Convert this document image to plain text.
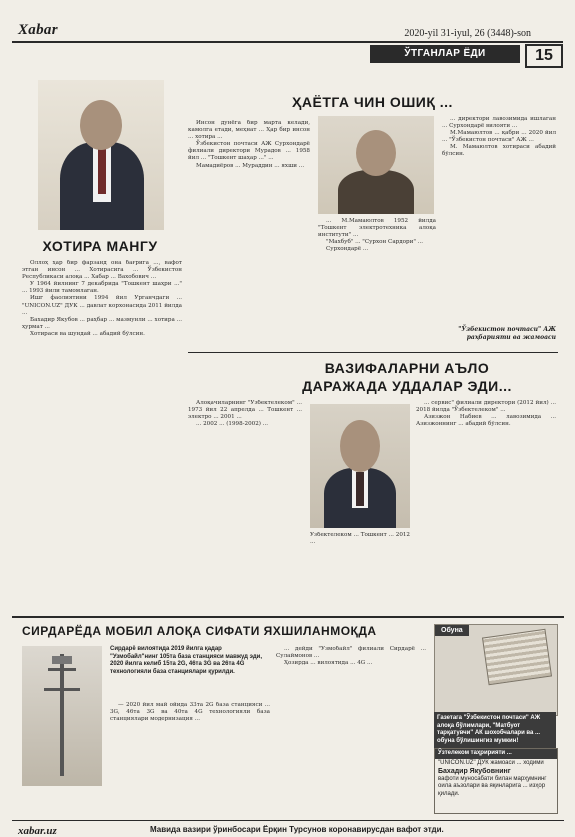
Xabar	2020-yil 31-iyul, 26 (3448)-son
ЎТГАНЛАР ЁДИ	15
ХОТИРА МАНГУ

Оллоҳ ҳар бир фарзанд она бағрига ..., вафот этган инсон ... Хотирасига ... Ўзбекистон Республикаси алоқа ... Хабар ... Вахобович ...

У 1964 йилнинг 7 декабрида "Тошкент шаҳри ..." ... 1993 йили тамомлаган.

Ишг фаолиятини 1994 йил Урганчдаги ... "UNICON.UZ" ДУК ... давлат корхонасида 2011 йилда ...

Бахадир Якубов ... раҳбар ... мазмунли ... хотира ... ҳурмат ...

Хотираси ва шундай ... абадий бўлсин.

Инсон дунёга бир марта келади, камолга етади, меҳнат ... Ҳар бир инсон ... хотира ...

Ўзбекистон почтаси АЖ Сурхондарё филиали директори Мурадов ... 1958 йил ... "Тошкент шаҳар ..." ...

Мамадиёров ... Мураддин ... яхши ...

ҲАЁТГА ЧИН ОШИҚ ...

... М.Мамаюлтов 1952 йилда "Тошкент электротехника алоқа институти" ...

"Махбуб" ... "Сурхон Сардори" ...

Сурхондарё ...

... директори лавозимида ишлаган ... Сурхондарё вилояти ...

М.Мамаюлтов ... қабри ... 2020 йил ... "Ўзбекистон почтаси" АЖ ...

М. Мамаюлтов хотираси абадий бўлсин.

"Ўзбекистон почтаси" АЖ раҳбарияти ва жамоаси
ВАЗИФАЛАРНИ АЪЛО
ДАРАЖАДА УДДАЛАР ЭДИ...

Алоқачиларнинг "Ўзбектелеком" ... 1973 йил 22 апрелда ... Тошкент ... электро ... 2001 ...

... 2002 ... (1998-2002) ...

Ўзбектелеком ... Тошкент ... 2012 ...

... сервис" филиали директори (2012 йил) ... 2018 йилда "Ўзбектелеком" ...

Азизжон Набиев ... лавозимида ... Азизжоннинг ... абадий бўлсин.

СИРДАРЁДА МОБИЛ АЛОҚА СИФАТИ ЯХШИЛАНМОҚДА
Сирдарё вилоятида 2019 йилга қадар "Узмобайл"нинг 105та база станцияси мавжуд эди, 2020 йилга келиб 15та 2G, 46та 3G ва 26та 4G технологияли база станциялари қурилди.

— 2020 йил май ойида 33та 2G база станцияси ... 3G, 46та 3G ва 40та 4G технологияли база станциялари модернизация ...

... дейди "Узмобайл" филиали Сирдарё ... Сулаймонов ...

Ҳозирда ... вилоятида ... 4G ...

Обуна
Газетага "Ўзбекистон почтаси" АЖ алоқа бўлимлари, "Матбуот тарқатувчи" АК шохобчалари ва ... обуна бўлишингиз мумкин!
Ўзтелеком таҳририяти ...
"UNICON.UZ" ДУК жамоаси ... ходими
Бахадир Якубовнинг
вафоти муносабати билан марҳумнинг оила аъзолари ва яқинларига ... изҳор қилади.
xabar.uz	Мавида вазири ўринбосари Ёрқин Турсунов коронавирусдан вафот этди.
